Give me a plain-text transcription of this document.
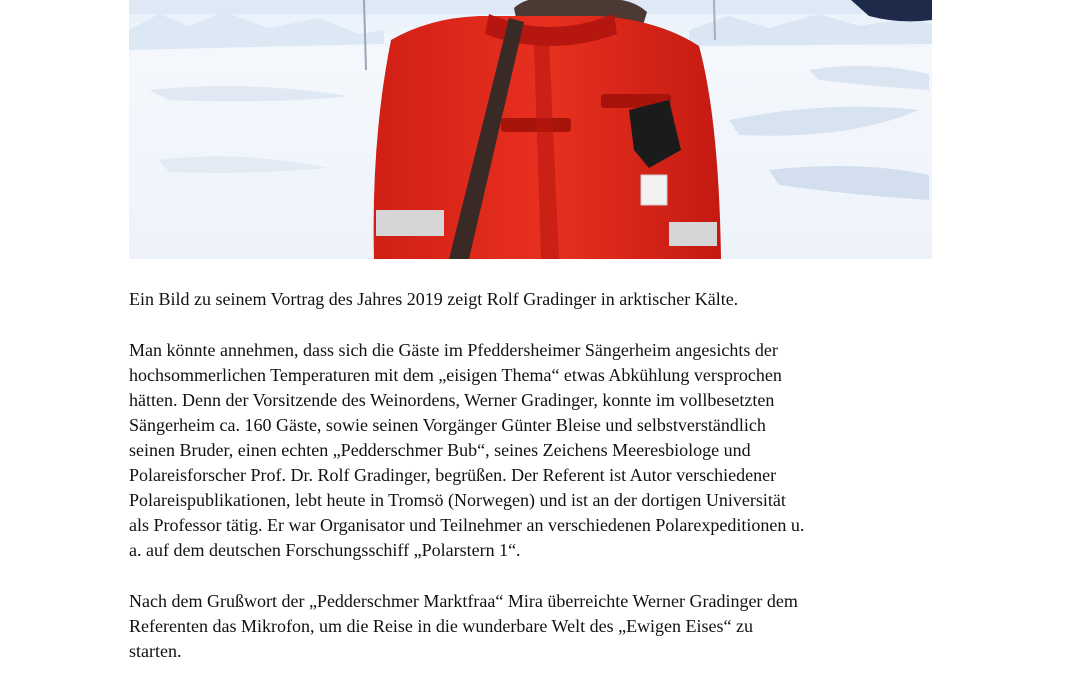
Ein Bild zu seinem Vortrag des Jahres 2019 zeigt Rolf Gradinger in arktischer Kälte.

Man könnte annehmen, dass sich die Gäste im Pfeddersheimer Sängerheim angesichts der
hochsommerlichen Temperaturen mit dem „eisigen Thema“ etwas Abkühlung versprochen
hätten. Denn der Vorsitzende des Weinordens, Werner Gradinger, konnte im vollbesetzten
Sängerheim ca. 160 Gäste, sowie seinen Vorgänger Günter Bleise und selbstverständlich
seinen Bruder, einen echten „Pedderschmer Bub“, seines Zeichens Meeresbiologe und
Polareisforscher Prof. Dr. Rolf Gradinger, begrüßen. Der Referent ist Autor verschiedener
Polareispublikationen, lebt heute in Tromsö (Norwegen) und ist an der dortigen Universität
als Professor tätig. Er war Organisator und Teilnehmer an verschiedenen Polarexpeditionen u.
a. auf dem deutschen Forschungsschiff „Polarstern 1“.

Nach dem Grußwort der „Pedderschmer Marktfraa“ Mira überreichte Werner Gradinger dem
Referenten das Mikrofon, um die Reise in die wunderbare Welt des „Ewigen Eises“ zu
starten.
